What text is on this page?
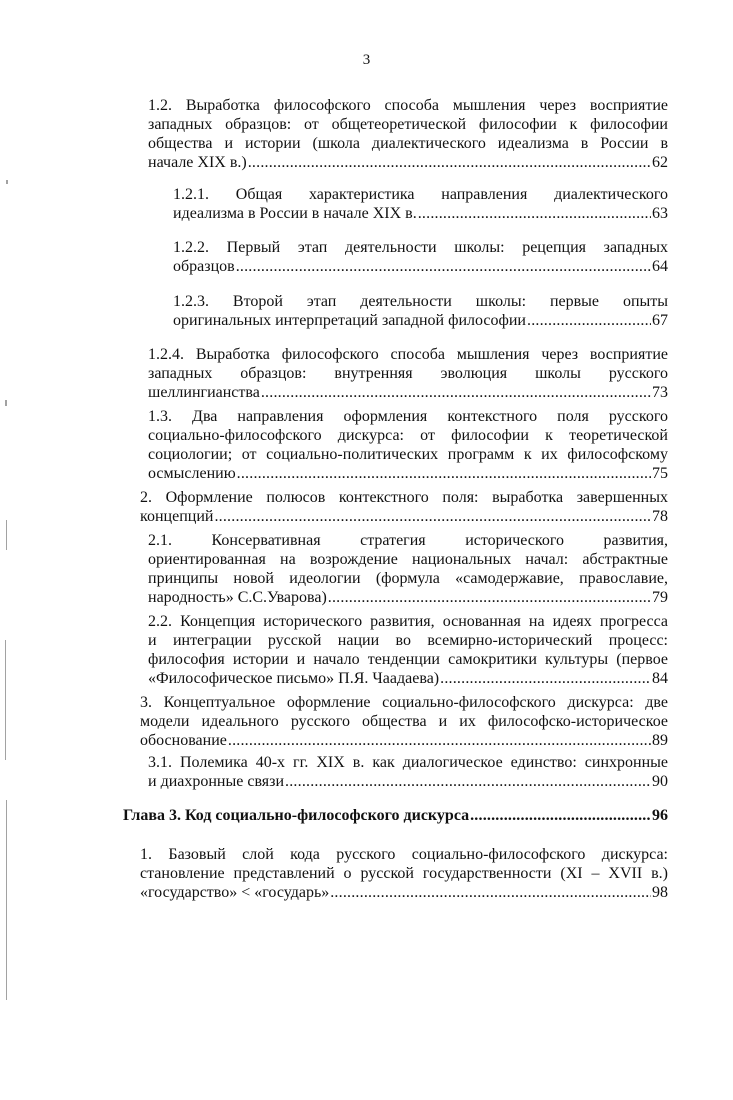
3
1.2. Выработка философского способа мышления через восприятие
западных образцов: от общетеоретической философии к философии
общества и истории (школа диалектического идеализма в России в
начале XIX в.) . . .	62
1.2.1. Общая характеристика направления диалектического
идеализма в России в начале XIX в. . . .	63
1.2.2. Первый этап деятельности школы: рецепция западных
образцов . . .	64
1.2.3. Второй этап деятельности школы: первые опыты
оригинальных интерпретаций западной философии . . .	67
1.2.4. Выработка философского способа мышления через восприятие
западных образцов: внутренняя эволюция школы русского
шеллингианства . . .	73
1.3. Два направления оформления контекстного поля русского
социально-философского дискурса: от философии к теоретической
социологии; от социально-политических программ к их философскому
осмыслению . . .	75
2. Оформление полюсов контекстного поля: выработка завершенных
концепций . . .	78
2.1. Консервативная стратегия исторического развития,
ориентированная на возрождение национальных начал: абстрактные
принципы новой идеологии (формула «самодержавие, православие,
народность» С.С.Уварова) . . .	79
2.2. Концепция исторического развития, основанная на идеях прогресса
и интеграции русской нации во всемирно-исторический процесс:
философия истории и начало тенденции самокритики культуры (первое
«Философическое письмо» П.Я. Чаадаева) . . .	84
3. Концептуальное оформление социально-философского дискурса: две
модели идеального русского общества и их философско-историческое
обоснование . . .	89
3.1. Полемика 40-х гг. XIX в. как диалогическое единство: синхронные
и диахронные связи . . .	90
Глава 3. Код социально-философского дискурса . . .	96
1. Базовый слой кода русского социально-философского дискурса:
становление представлений о русской государственности (XI – XVII в.)
«государство» < «государь» . . .	98
